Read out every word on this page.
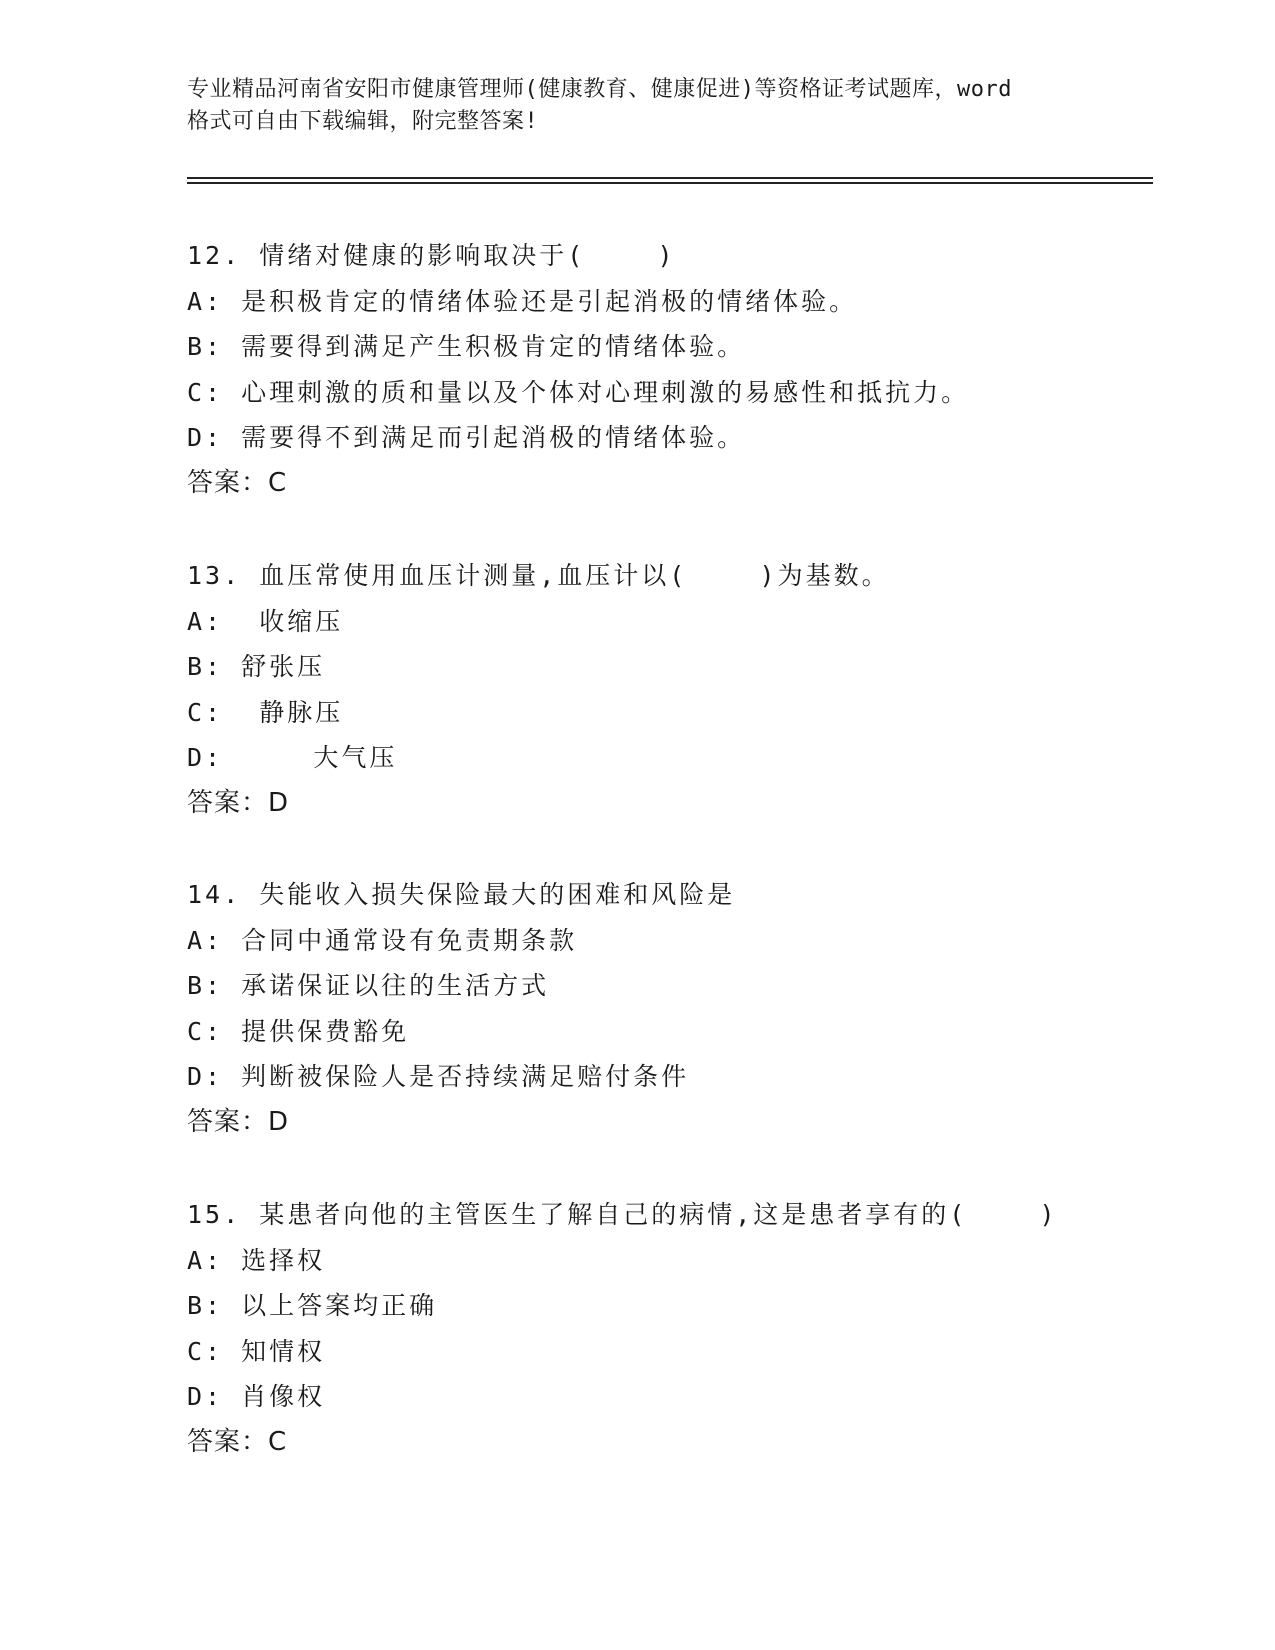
专业精品河南省安阳市健康管理师(健康教育、健康促进)等资格证考试题库，word
格式可自由下载编辑，附完整答案!
12. 情绪对健康的影响取决于(    )
A: 是积极肯定的情绪体验还是引起消极的情绪体验。
B: 需要得到满足产生积极肯定的情绪体验。
C: 心理刺激的质和量以及个体对心理刺激的易感性和抵抗力。
D: 需要得不到满足而引起消极的情绪体验。
答案：C
13. 血压常使用血压计测量,血压计以(    )为基数。
A:  收缩压
B: 舒张压
C:  静脉压
D:     大气压
答案：D
14. 失能收入损失保险最大的困难和风险是
A: 合同中通常设有免责期条款
B: 承诺保证以往的生活方式
C: 提供保费豁免
D: 判断被保险人是否持续满足赔付条件
答案：D
15. 某患者向他的主管医生了解自己的病情,这是患者享有的(    )
A: 选择权
B: 以上答案均正确
C: 知情权
D: 肖像权
答案：C
